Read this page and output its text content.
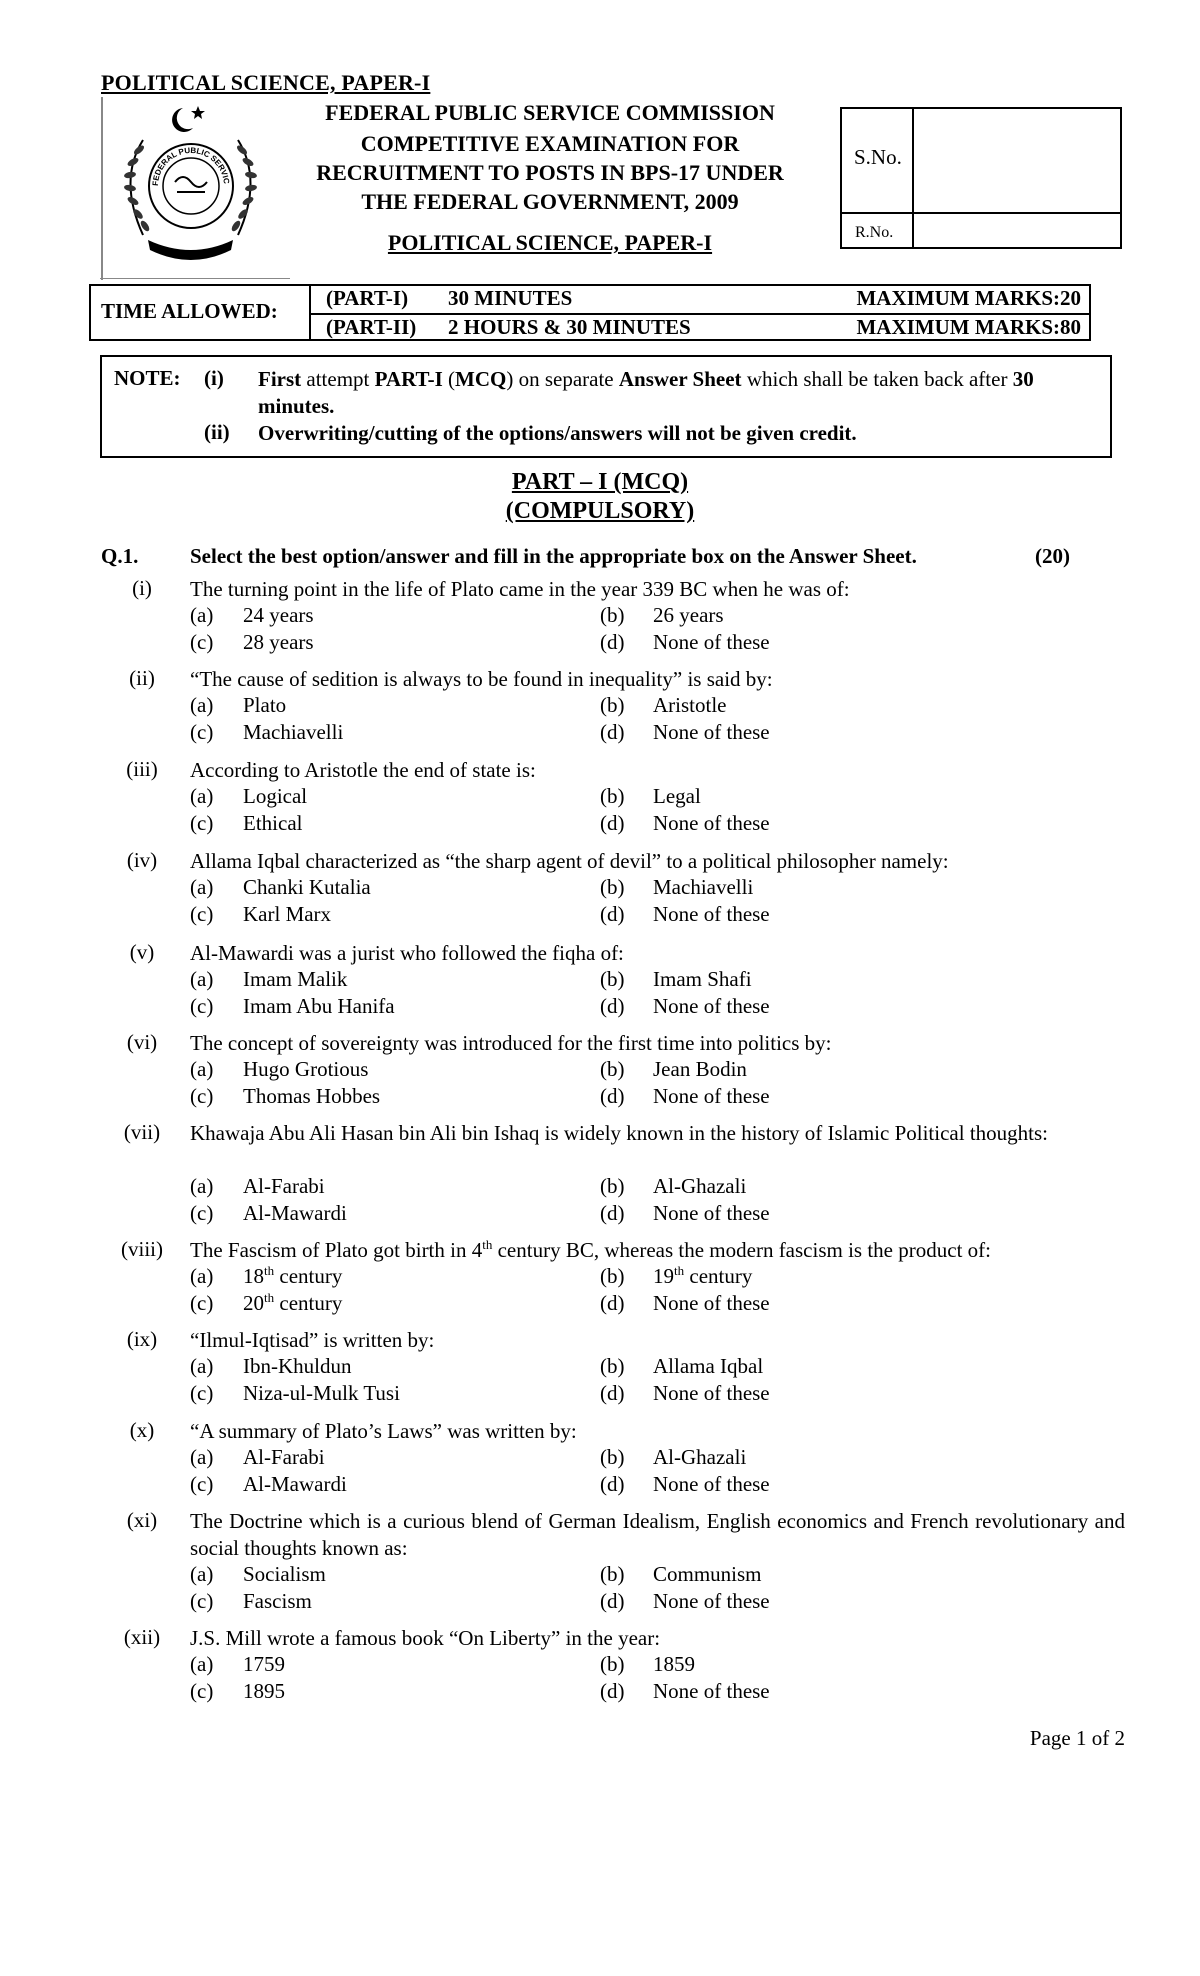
POLITICAL SCIENCE, PAPER-I
FEDERAL PUBLIC SERVIC
FEDERAL PUBLIC SERVICE COMMISSION
COMPETITIVE EXAMINATION FOR
RECRUITMENT TO POSTS IN BPS-17 UNDER
THE FEDERAL GOVERNMENT, 2009
POLITICAL SCIENCE, PAPER-I
S.No.
R.No.
TIME ALLOWED:
(PART-I) 30 MINUTES	MAXIMUM MARKS:20
(PART-II) 2 HOURS & 30 MINUTES	MAXIMUM MARKS:80
NOTE: (i) First attempt PART-I (MCQ) on separate Answer Sheet which shall be taken back after 30 minutes.
(ii) Overwriting/cutting of the options/answers will not be given credit.
PART – I (MCQ)
(COMPULSORY)
Q.1. Select the best option/answer and fill in the appropriate box on the Answer Sheet.	(20)
(i)	The turning point in the life of Plato came in the year 339 BC when he was of:
(a) 24 years	(b) 26 years
(c) 28 years	(d) None of these
(ii)	“The cause of sedition is always to be found in inequality” is said by:
(a) Plato	(b) Aristotle
(c) Machiavelli	(d) None of these
(iii)	According to Aristotle the end of state is:
(a) Logical	(b) Legal
(c) Ethical	(d) None of these
(iv)	Allama Iqbal characterized as “the sharp agent of devil” to a political philosopher namely:
(a) Chanki Kutalia	(b) Machiavelli
(c) Karl Marx	(d) None of these
(v)	Al-Mawardi was a jurist who followed the fiqha of:
(a) Imam Malik	(b) Imam Shafi
(c) Imam Abu Hanifa	(d) None of these
(vi)	The concept of sovereignty was introduced for the first time into politics by:
(a) Hugo Grotious	(b) Jean Bodin
(c) Thomas Hobbes	(d) None of these
(vii)	Khawaja Abu Ali Hasan bin Ali bin Ishaq is widely known in the history of Islamic Political thoughts:
(a) Al-Farabi	(b) Al-Ghazali
(c) Al-Mawardi	(d) None of these
(viii)	The Fascism of Plato got birth in 4th century BC, whereas the modern fascism is the product of:
(a) 18th century	(b) 19th century
(c) 20th century	(d) None of these
(ix)	“Ilmul-Iqtisad” is written by:
(a) Ibn-Khuldun	(b) Allama Iqbal
(c) Niza-ul-Mulk Tusi	(d) None of these
(x)	“A summary of Plato’s Laws” was written by:
(a) Al-Farabi	(b) Al-Ghazali
(c) Al-Mawardi	(d) None of these
(xi)	The Doctrine which is a curious blend of German Idealism, English economics and French revolutionary and social thoughts known as:
(a) Socialism	(b) Communism
(c) Fascism	(d) None of these
(xii)	J.S. Mill wrote a famous book “On Liberty” in the year:
(a) 1759	(b) 1859
(c) 1895	(d) None of these
Page 1 of 2
